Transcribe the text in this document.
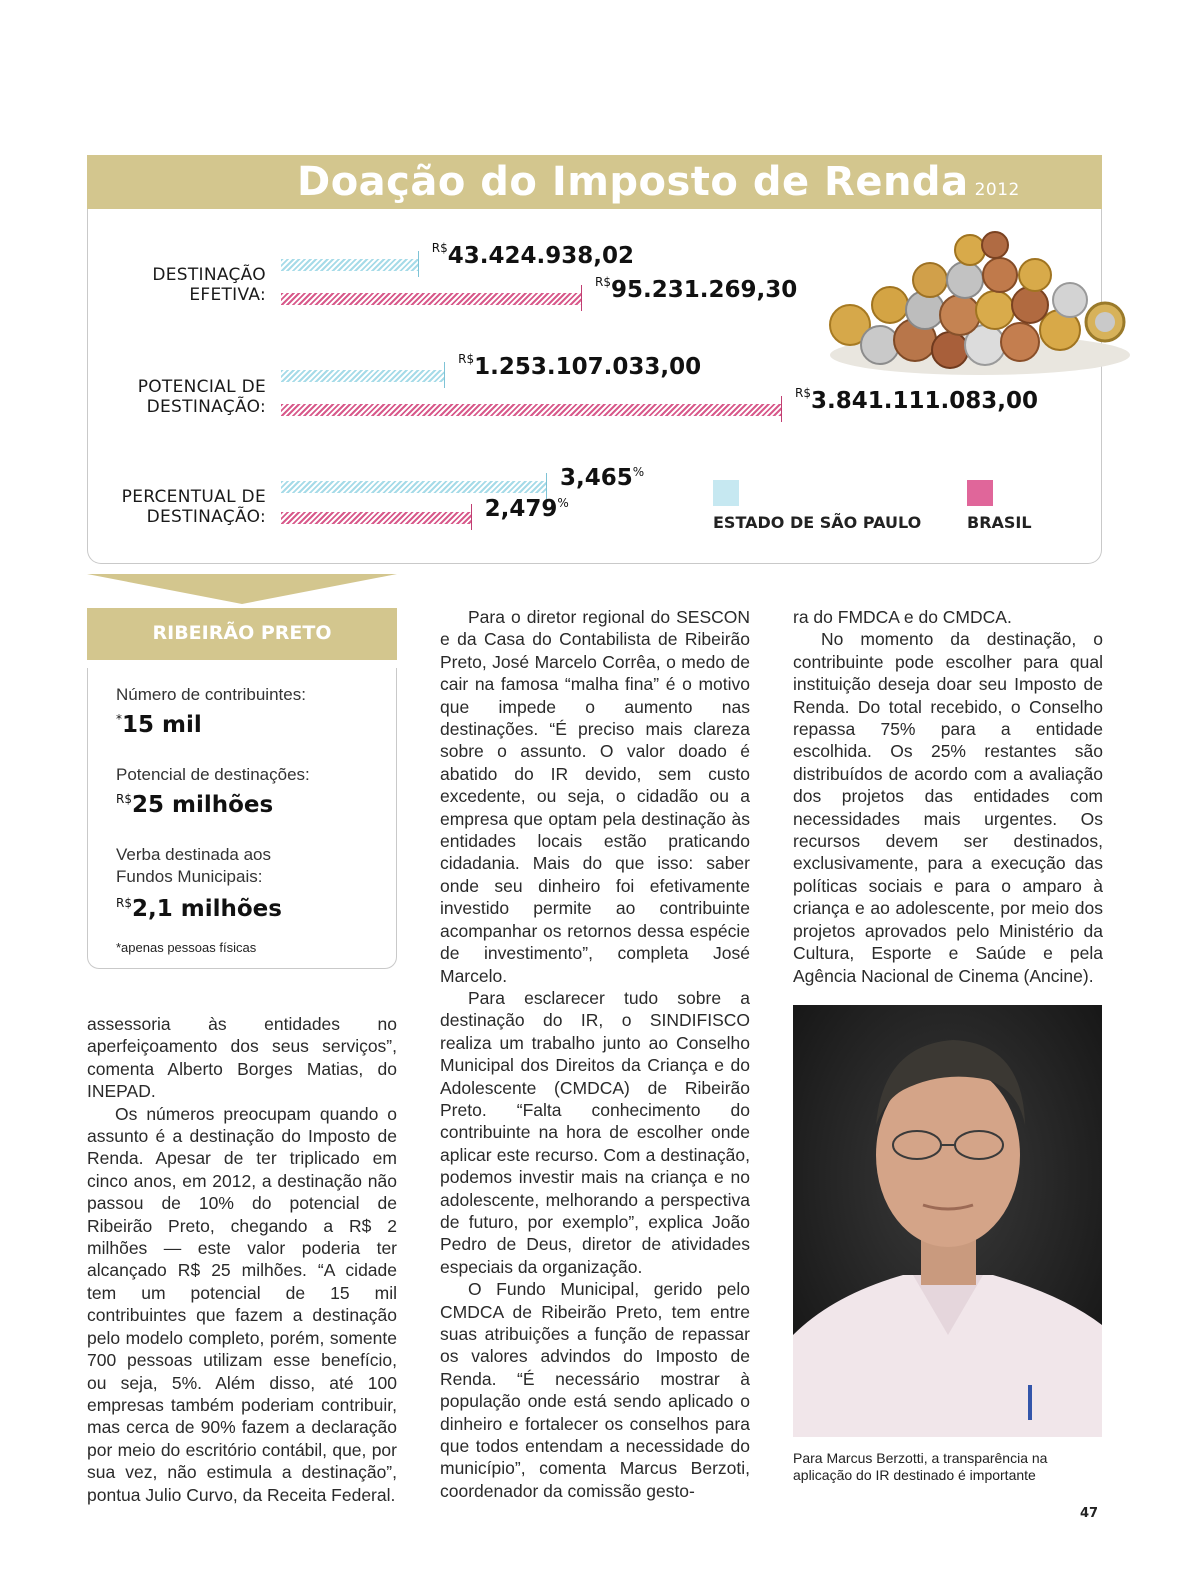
Doação do Imposto de Renda 2012
DESTINAÇÃO
EFETIVA:
POTENCIAL DE
DESTINAÇÃO:
PERCENTUAL DE
DESTINAÇÃO:
$^{R\$}$43.424.938,02
$^{R\$}$95.231.269,30
$^{R\$}$1.253.107.033,00
$^{R\$}$3.841.111.083,00
3,465%
2,479%
ESTADO DE SÃO PAULO	BRASIL
RIBEIRÃO PRETO
Número de contribuintes:
*15 mil
Potencial de destinações:
$^{R\$}$25 milhões
Verba destinada aos Fundos Municipais:
$^{R\$}$2,1 milhões
*apenas pessoas físicas

assessoria às entidades no aperfeiçoamento dos seus serviços”, comenta Alberto Borges Matias, do INEPAD.

Os números preocupam quando o assunto é a destinação do Imposto de Renda. Apesar de ter triplicado em cinco anos, em 2012, a destinação não passou de 10% do potencial de Ribeirão Preto, chegando a R$ 2 milhões — este valor poderia ter alcançado R$ 25 milhões. “A cidade tem um potencial de 15 mil contribuintes que fazem a destinação pelo modelo completo, porém, somente 700 pessoas utilizam esse benefício, ou seja, 5%. Além disso, até 100 empresas também poderiam contribuir, mas cerca de 90% fazem a declaração por meio do escritório contábil, que, por sua vez, não estimula a destinação”, pontua Julio Curvo, da Receita Federal.

Para o diretor regional do SESCON e da Casa do Contabilista de Ribeirão Preto, José Marcelo Corrêa, o medo de cair na famosa “malha fina” é o motivo que impede o aumento nas destinações. “É preciso mais clareza sobre o assunto. O valor doado é abatido do IR devido, sem custo excedente, ou seja, o cidadão ou a empresa que optam pela destinação às entidades locais estão praticando cidadania. Mais do que isso: saber onde seu dinheiro foi efetivamente investido permite ao contribuinte acompanhar os retornos dessa espécie de investimento”, completa José Marcelo.

Para esclarecer tudo sobre a destinação do IR, o SINDIFISCO realiza um trabalho junto ao Conselho Municipal dos Direitos da Criança e do Adolescente (CMDCA) de Ribeirão Preto. “Falta conhecimento do contribuinte na hora de escolher onde aplicar este recurso. Com a destinação, podemos investir mais na criança e no adolescente, melhorando a perspectiva de futuro, por exemplo”, explica João Pedro de Deus, diretor de atividades especiais da organização.

O Fundo Municipal, gerido pelo CMDCA de Ribeirão Preto, tem entre suas atribuições a função de repassar os valores advindos do Imposto de Renda. “É necessário mostrar à população onde está sendo aplicado o dinheiro e fortalecer os conselhos para que todos entendam a necessidade do município”, comenta Marcus Berzoti, coordenador da comissão gesto-

ra do FMDCA e do CMDCA.

No momento da destinação, o contribuinte pode escolher para qual instituição deseja doar seu Imposto de Renda. Do total recebido, o Conselho repassa 75% para a entidade escolhida. Os 25% restantes são distribuídos de acordo com a avaliação dos projetos das entidades com necessidades mais urgentes. Os recursos devem ser destinados, exclusivamente, para a execução das políticas sociais e para o amparo à criança e ao adolescente, por meio dos projetos aprovados pelo Ministério da Cultura, Esporte e Saúde e pela Agência Nacional de Cinema (Ancine).

Para Marcus Berzotti, a transparência na aplicação do IR destinado é importante
47
